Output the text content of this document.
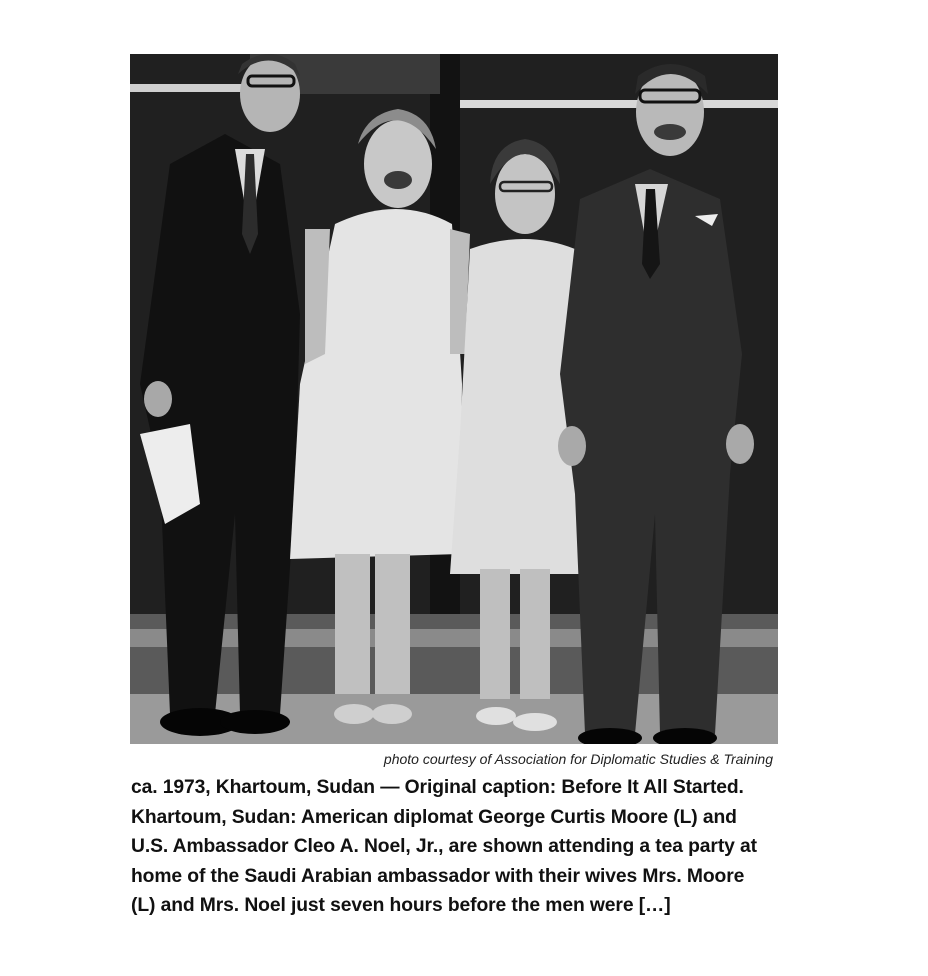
photo courtesy of Association for Diplomatic Studies & Training
ca. 1973, Khartoum, Sudan — Original caption: Before It All Started.
Khartoum, Sudan: American diplomat George Curtis Moore (L) and
U.S. Ambassador Cleo A. Noel, Jr., are shown attending a tea party at
home of the Saudi Arabian ambassador with their wives Mrs. Moore
(L) and Mrs. Noel just seven hours before the men were […]
